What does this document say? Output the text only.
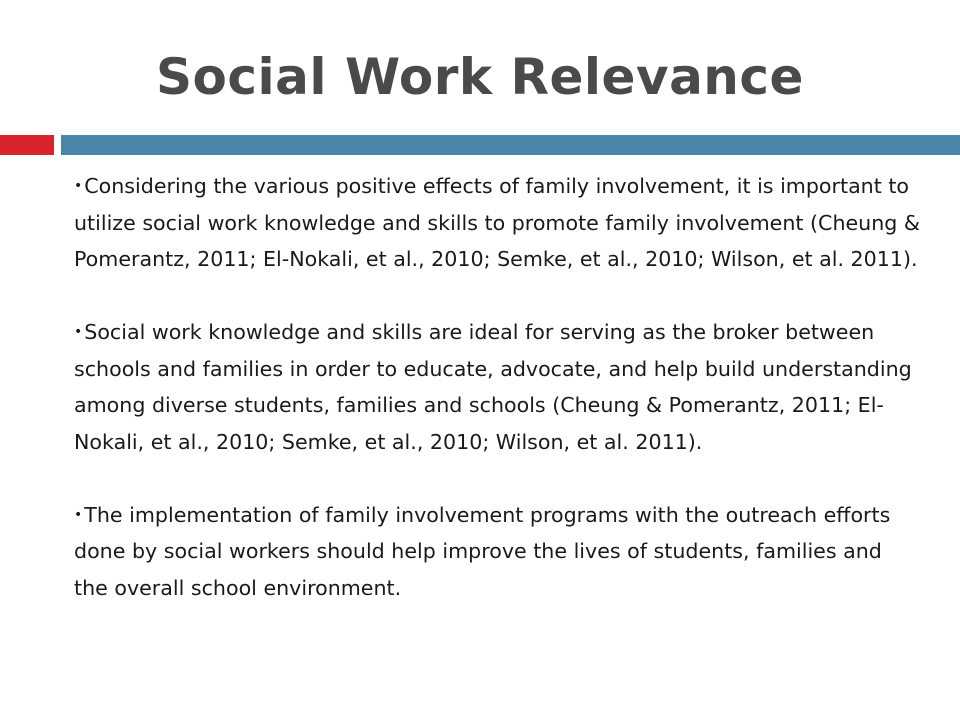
Social Work Relevance

•Considering the various positive effects of family involvement, it is important to utilize social work knowledge and skills to promote family involvement (Cheung & Pomerantz, 2011; El-Nokali, et al., 2010; Semke, et al., 2010; Wilson, et al. 2011).

•Social work knowledge and skills are ideal for serving as the broker between schools and families in order to educate, advocate, and help build understanding among diverse students, families and schools (Cheung & Pomerantz, 2011; El-Nokali, et al., 2010; Semke, et al., 2010; Wilson, et al. 2011).

•The implementation of family involvement programs with the outreach efforts done by social workers should help improve the lives of students, families and the overall school environment.
